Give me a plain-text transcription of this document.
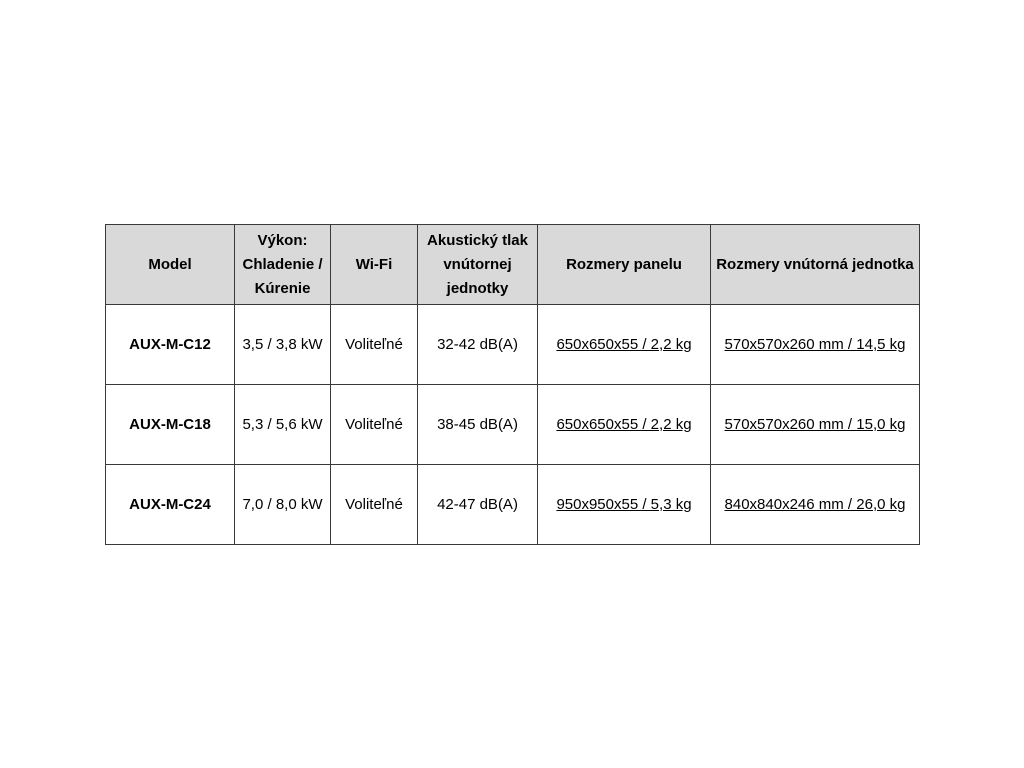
Model	Výkon: Chladenie / Kúrenie	Wi-Fi	Akustický tlak vnútornej jednotky	Rozmery panelu	Rozmery vnútorná jednotka
AUX-M-C12	3,5 / 3,8 kW	Voliteľné	32-42 dB(A)	650x650x55 / 2,2 kg	570x570x260 mm / 14,5 kg
AUX-M-C18	5,3 / 5,6 kW	Voliteľné	38-45 dB(A)	650x650x55 / 2,2 kg	570x570x260 mm / 15,0 kg
AUX-M-C24	7,0 / 8,0 kW	Voliteľné	42-47 dB(A)	950x950x55 / 5,3 kg	840x840x246 mm / 26,0 kg
